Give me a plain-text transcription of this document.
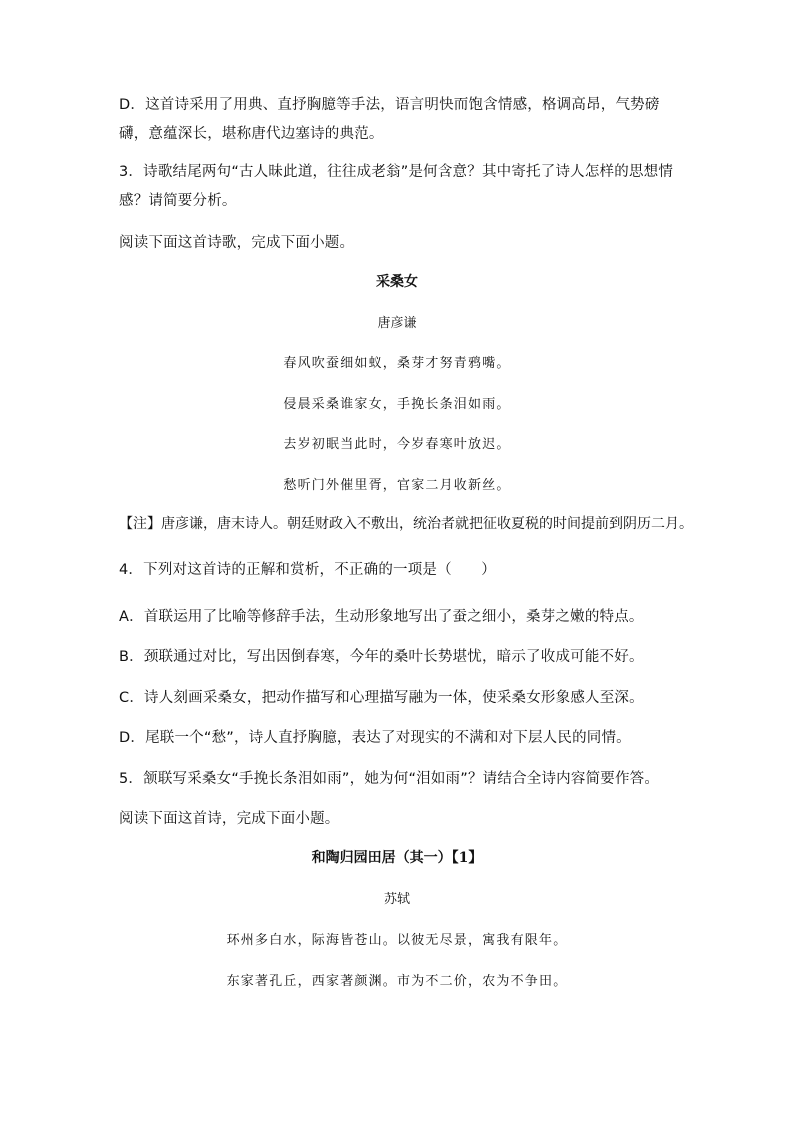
D．这首诗采用了用典、直抒胸臆等手法，语言明快而饱含情感，格调高昂，气势磅礴，意蕴深长，堪称唐代边塞诗的典范。
3．诗歌结尾两句“古人昧此道，往往成老翁”是何含意？其中寄托了诗人怎样的思想情感？请简要分析。
阅读下面这首诗歌，完成下面小题。
采桑女
唐彦谦
春风吹蚕细如蚁，桑芽才努青鸦嘴。
侵晨采桑谁家女，手挽长条泪如雨。
去岁初眠当此时，今岁春寒叶放迟。
愁听门外催里胥，官家二月收新丝。
【注】唐彦谦，唐末诗人。朝廷财政入不敷出，统治者就把征收夏税的时间提前到阴历二月。
4．下列对这首诗的正解和赏析，不正确的一项是（　　）
A．首联运用了比喻等修辞手法，生动形象地写出了蚕之细小，桑芽之嫩的特点。
B．颈联通过对比，写出因倒春寒，今年的桑叶长势堪忧，暗示了收成可能不好。
C．诗人刻画采桑女，把动作描写和心理描写融为一体，使采桑女形象感人至深。
D．尾联一个“愁”，诗人直抒胸臆，表达了对现实的不满和对下层人民的同情。
5．颔联写采桑女“手挽长条泪如雨”，她为何“泪如雨”？请结合全诗内容简要作答。
阅读下面这首诗，完成下面小题。
和陶归园田居（其一）【1】
苏轼
环州多白水，际海皆苍山。以彼无尽景，寓我有限年。
东家著孔丘，西家著颜渊。市为不二价，农为不争田。
